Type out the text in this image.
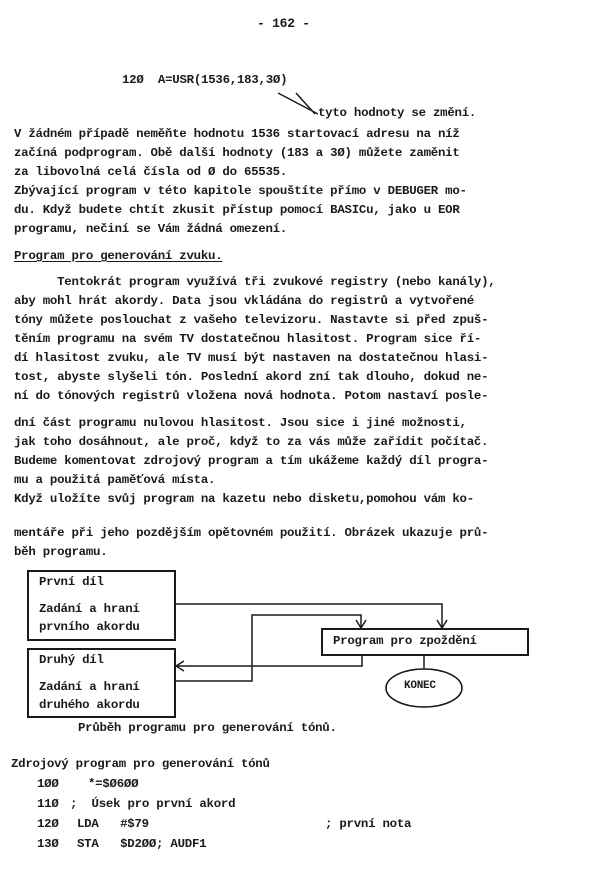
- 162 -
12Ø  A=USR(1536,183,3Ø)
tyto hodnoty se změní.
V žádném případě neměňte hodnotu 1536 startovací adresu na níž
začíná podprogram. Obě další hodnoty (183 a 3Ø) můžete zaměnit
za libovolná celá čísla od Ø do 65535.
Zbývající program v této kapitole spouštíte přímo v DEBUGER mo-
du. Když budete chtít zkusit přístup pomocí BASICu, jako u EOR
programu, nečiní se Vám žádná omezení.
Program pro generování zvuku.
Tentokrát program využívá tři zvukové registry (nebo kanály),
aby mohl hrát akordy. Data jsou vkládána do registrů a vytvořené
tóny můžete poslouchat z vašeho televizoru. Nastavte si před zpuš-
těním programu na svém TV dostatečnou hlasitost. Program sice ří-
dí hlasitost zvuku, ale TV musí být nastaven na dostatečnou hlasi-
tost, abyste slyšeli tón. Poslední akord zní tak dlouho, dokud ne-
ní do tónových registrů vložena nová hodnota. Potom nastaví posle-
dní část programu nulovou hlasitost. Jsou sice i jiné možnosti,
jak toho dosáhnout, ale proč, když to za vás může zařídit počítač.
Budeme komentovat zdrojový program a tím ukážeme každý díl progra-
mu a použitá paměťová místa.
Když uložíte svůj program na kazetu nebo disketu,pomohou vám ko-
mentáře při jeho pozdějším opětovném použití. Obrázek ukazuje prů-
běh programu.
První díl
Zadání a hraní
prvního akordu
Druhý díl
Zadání a hraní
druhého akordu
Program pro zpoždění
KONEC
Průběh programu pro generování tónů.
Zdrojový program pro generování tónů
1ØØ *=$Ø6ØØ
11Ø ;  Úsek pro první akord
12Ø LDA   #$79	; první nota
13Ø STA   $D2ØØ; AUDF1
